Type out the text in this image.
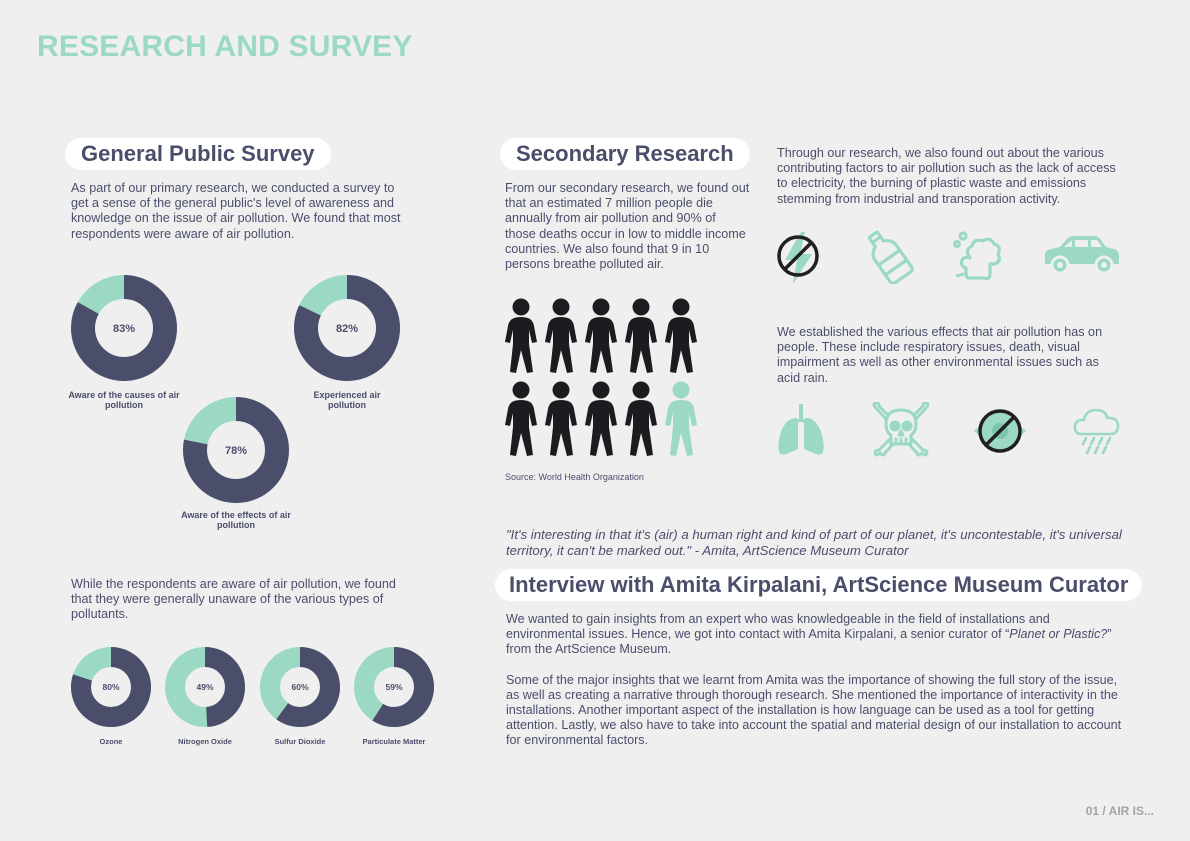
RESEARCH AND SURVEY
General Public Survey
As part of our primary research, we conducted a survey to get a sense of the general public's level of awareness and knowledge on the issue of air pollution. We found that most respondents were aware of air pollution.
83%
Aware of the causes of air pollution
82%
Experienced air pollution
78%
Aware of the effects of air pollution
While the respondents are aware of air pollution, we found that they were generally unaware of the various types of pollutants.
80%	49%	60%	59%
Ozone	Nitrogen Oxide	Sulfur Dioxide	Particulate Matter
Secondary Research
From our secondary research, we found out that an estimated 7 million people die annually from air pollution and 90% of those deaths occur in low to middle income countries. We also found that 9 in 10 persons breathe polluted air.
Source: World Health Organization
Through our research, we also found out about the various contributing factors to air pollution such as the lack of access to electricity, the burning of plastic waste and emissions stemming from industrial and transporation activity.
We established the various effects that air pollution has on people. These include respiratory issues, death, visual impairment as well as other environmental issues such as acid rain.
"It's interesting in that it's (air) a human right and kind of part of our planet, it's uncontestable, it's universal territory, it can't be marked out." - Amita, ArtScience Museum Curator
Interview with Amita Kirpalani, ArtScience Museum Curator

We wanted to gain insights from an expert who was knowledgeable in the field of installations and environmental issues. Hence, we got into contact with Amita Kirpalani, a senior curator of “Planet or Plastic?” from the ArtScience Museum.

Some of the major insights that we learnt from Amita was the importance of showing the full story of the issue, as well as creating a narrative through thorough research. She mentioned the importance of interactivity in the installations. Another important aspect of the installation is how language can be used as a tool for getting attention. Lastly, we also have to take into account the spatial and material design of our installation to account for environmental factors.

01 / AIR IS...
